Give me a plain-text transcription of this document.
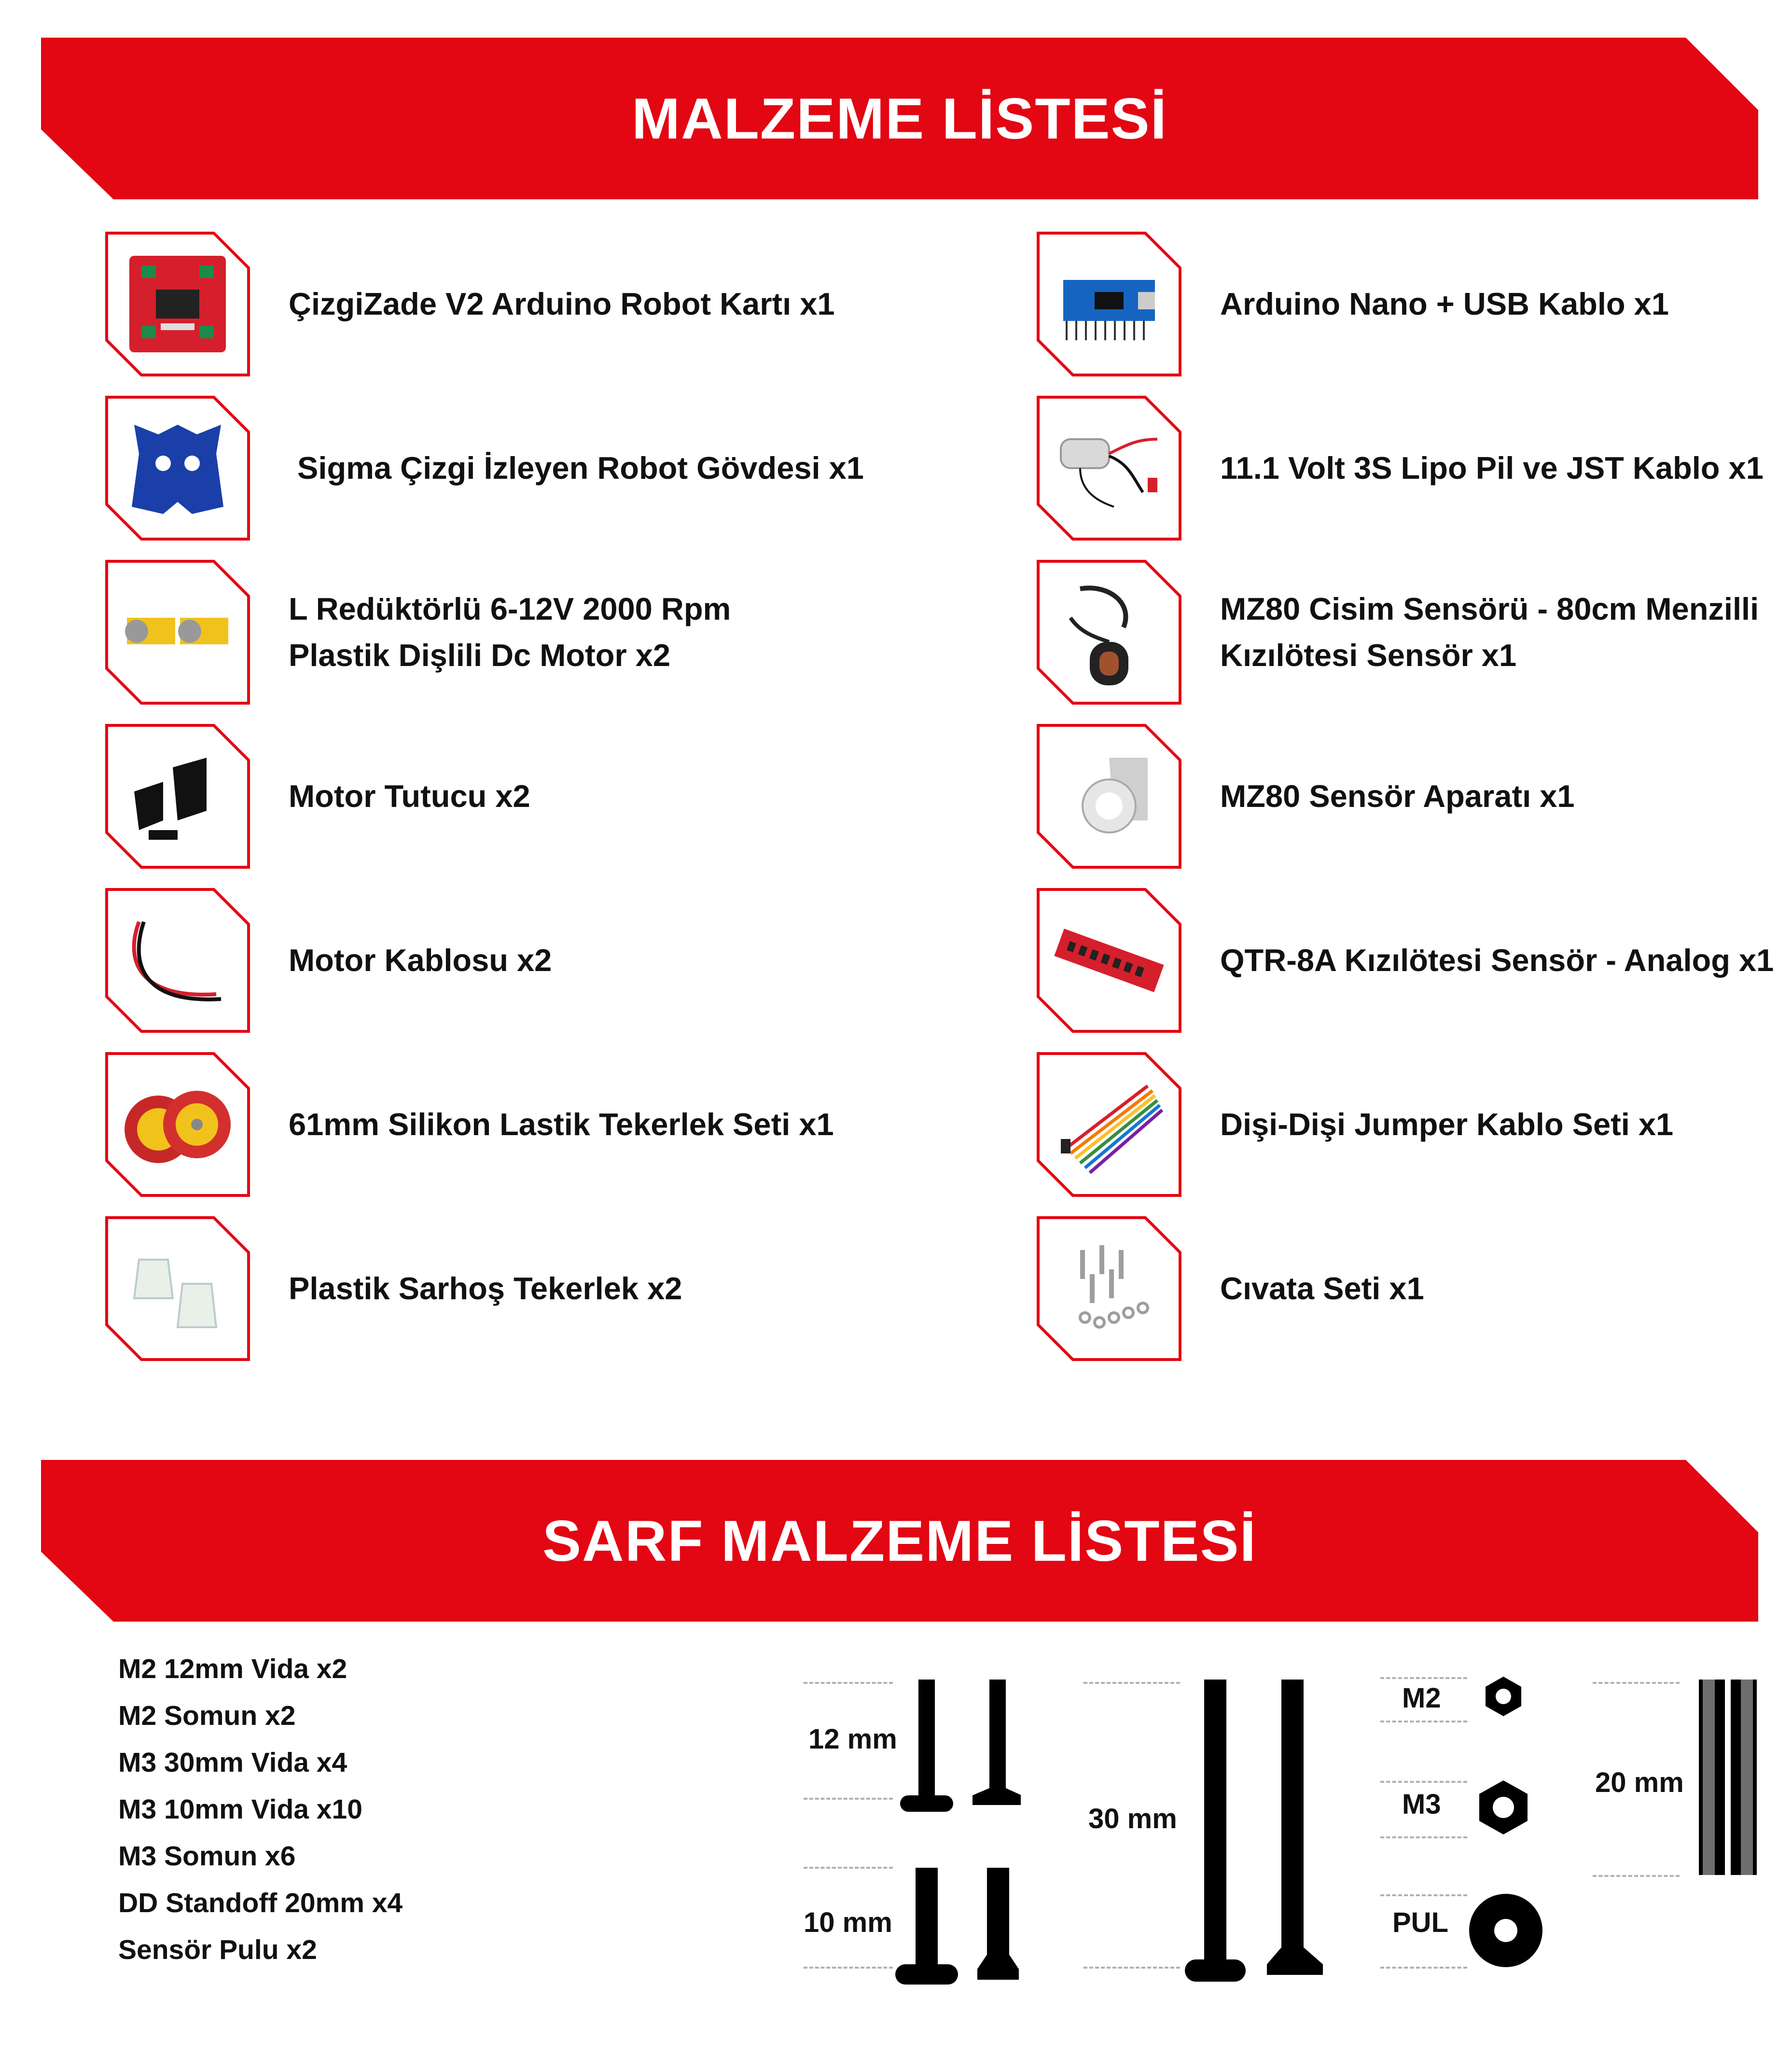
MALZEME LİSTESİ
ÇizgiZade V2 Arduino Robot Kartı x1	Arduino Nano + USB Kablo x1
Sigma Çizgi İzleyen Robot Gövdesi x1	11.1 Volt 3S Lipo Pil ve JST Kablo x1
L Redüktörlü 6-12V 2000 Rpm
Plastik Dişlili Dc Motor x2
MZ80 Cisim Sensörü - 80cm Menzilli
Kızılötesi Sensör x1
Motor Tutucu x2	MZ80 Sensör Aparatı x1
Motor Kablosu x2	QTR-8A Kızılötesi Sensör - Analog x1
61mm Silikon Lastik Tekerlek Seti x1	Dişi-Dişi Jumper Kablo Seti x1
Plastik Sarhoş Tekerlek x2	Cıvata Seti x1
SARF MALZEME LİSTESİ
M2 12mm Vida x2
M2 Somun x2
M3 30mm Vida x4
M3 10mm Vida x10
M3 Somun x6
DD Standoff 20mm x4
Sensör Pulu x2
12 mm
10 mm
30 mm
M2
M3
PUL
20 mm
